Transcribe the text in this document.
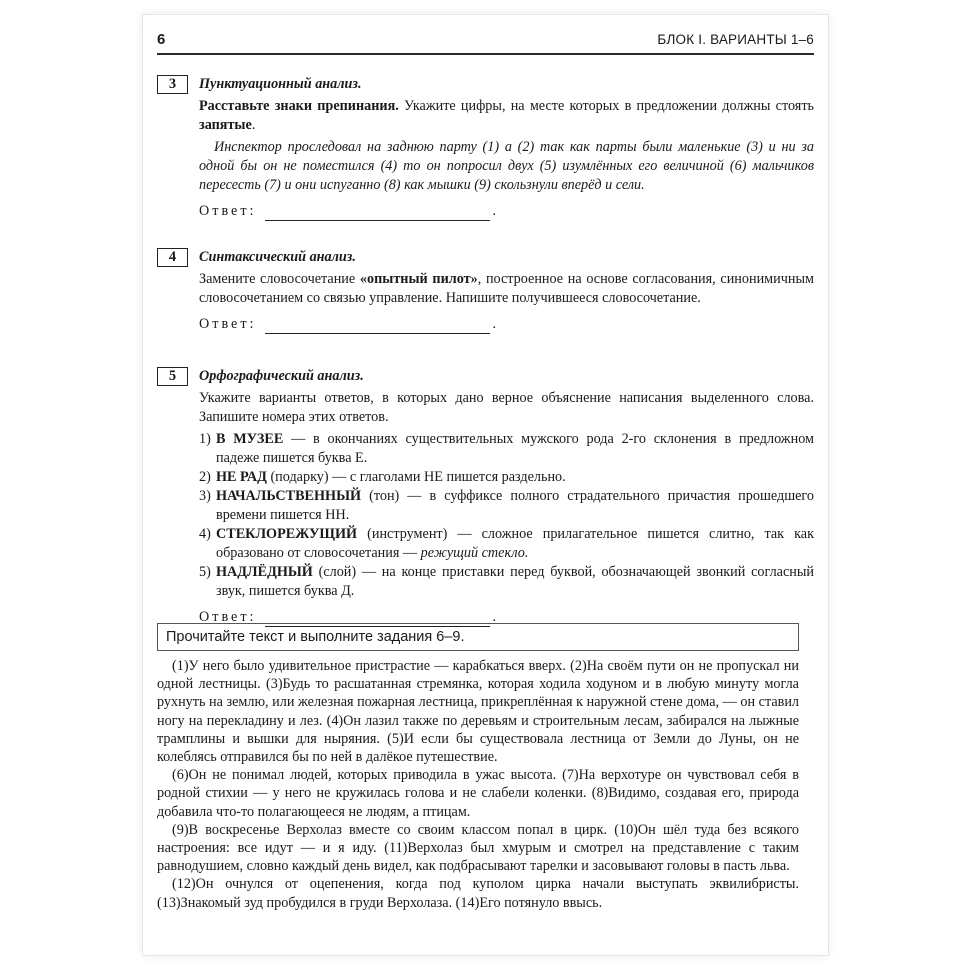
6	БЛОК I. ВАРИАНТЫ 1–6
3	Пунктуационный анализ.

Расставьте знаки препинания. Укажите цифры, на месте которых в предложении должны стоять запятые.

Инспектор проследовал на заднюю парту (1) а (2) так как парты были маленькие (3) и ни за одной бы он не поместился (4) то он попросил двух (5) изумлённых его величиной (6) мальчиков пересесть (7) и они испуганно (8) как мышки (9) скользнули вперёд и сели.

Ответ:	.
4	Синтаксический анализ.

Замените словосочетание «опытный пилот», построенное на основе согласования, синонимичным словосочетанием со связью управление. Напишите получившееся словосочетание.

Ответ:	.
5	Орфографический анализ.

Укажите варианты ответов, в которых дано верное объяснение написания выделенного слова. Запишите номера этих ответов.

1) В МУЗЕЕ — в окончаниях существительных мужского рода 2-го склонения в предложном падеже пишется буква Е.
2) НЕ РАД (подарку) — с глаголами НЕ пишется раздельно.
3) НАЧАЛЬСТВЕННЫЙ (тон) — в суффиксе полного страдательного причастия прошедшего времени пишется НН.
4) СТЕКЛОРЕЖУЩИЙ (инструмент) — сложное прилагательное пишется слитно, так как образовано от словосочетания — режущий стекло.
5) НАДЛЁДНЫЙ (слой) — на конце приставки перед буквой, обозначающей звонкий согласный звук, пишется буква Д.
Ответ:	.
Прочитайте текст и выполните задания 6–9.

(1)У него было удивительное пристрастие — карабкаться вверх. (2)На своём пути он не пропускал ни одной лестницы. (3)Будь то расшатанная стремянка, которая ходила ходуном и в любую минуту могла рухнуть на землю, или железная пожарная лестница, прикреплённая к наружной стене дома, — он ставил ногу на перекладину и лез. (4)Он лазил также по деревьям и строительным лесам, забирался на лыжные трамплины и вышки для ныряния. (5)И если бы существовала лестница от Земли до Луны, он не колеблясь отправился бы по ней в далёкое путешествие.

(6)Он не понимал людей, которых приводила в ужас высота. (7)На верхотуре он чувствовал себя в родной стихии — у него не кружилась голова и не слабели коленки. (8)Видимо, создавая его, природа добавила что-то полагающееся не людям, а птицам.

(9)В воскресенье Верхолаз вместе со своим классом попал в цирк. (10)Он шёл туда без всякого настроения: все идут — и я иду. (11)Верхолаз был хмурым и смотрел на представление с таким равнодушием, словно каждый день видел, как подбрасывают тарелки и засовывают головы в пасть льва.

(12)Он очнулся от оцепенения, когда под куполом цирка начали выступать эквилибристы. (13)Знакомый зуд пробудился в груди Верхолаза. (14)Его потянуло ввысь.
